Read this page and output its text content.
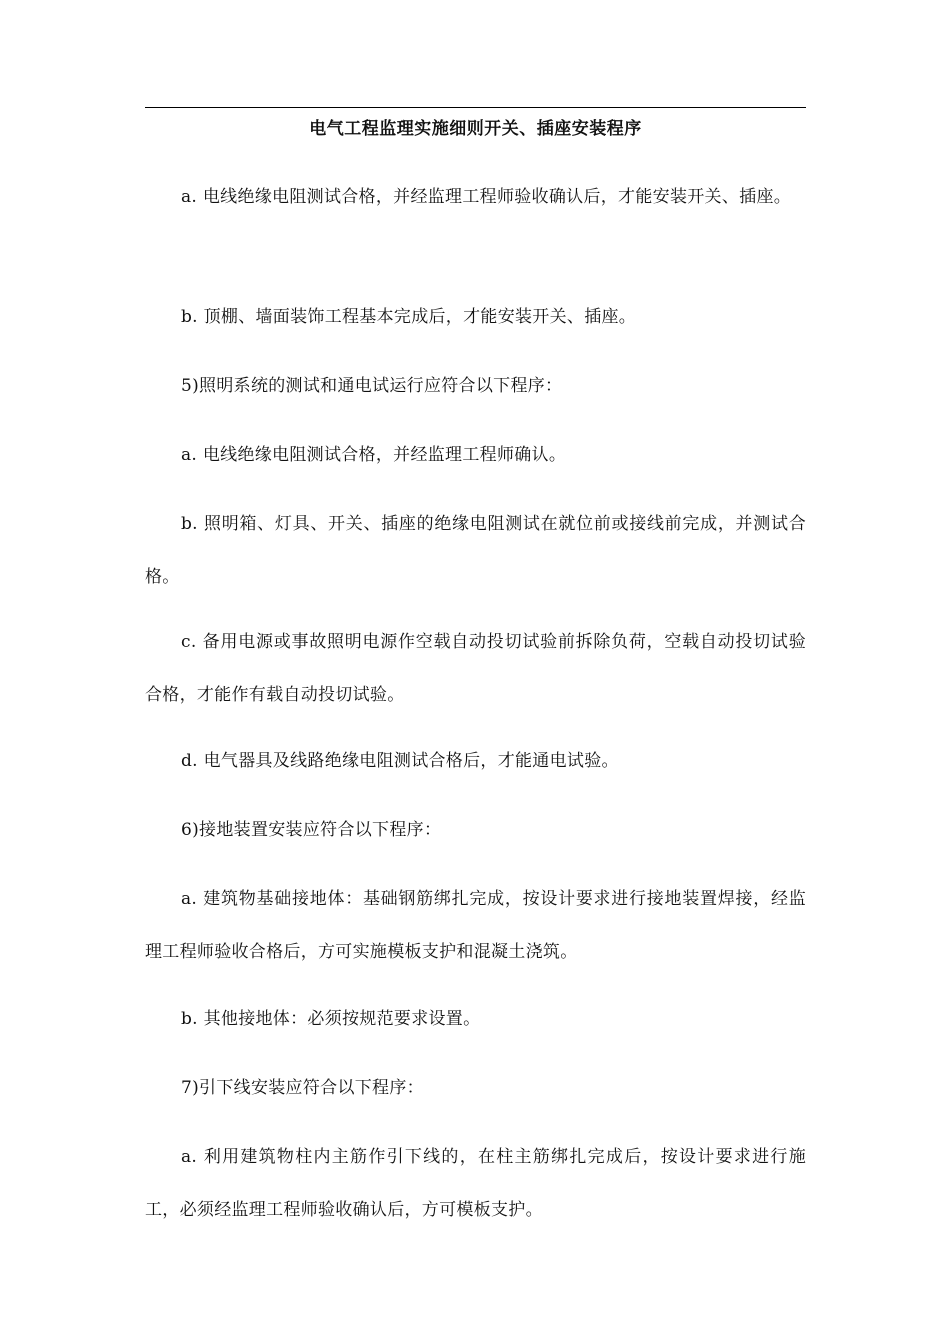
电气工程监理实施细则开关、插座安装程序

a. 电线绝缘电阻测试合格，并经监理工程师验收确认后，才能安装开关、插座。

b. 顶棚、墙面装饰工程基本完成后，才能安装开关、插座。

5)照明系统的测试和通电试运行应符合以下程序：

a. 电线绝缘电阻测试合格，并经监理工程师确认。

b. 照明箱、灯具、开关、插座的绝缘电阻测试在就位前或接线前完成，并测试合格。

c. 备用电源或事故照明电源作空载自动投切试验前拆除负荷，空载自动投切试验合格，才能作有载自动投切试验。

d. 电气器具及线路绝缘电阻测试合格后，才能通电试验。

6)接地装置安装应符合以下程序：

a. 建筑物基础接地体：基础钢筋绑扎完成，按设计要求进行接地装置焊接，经监理工程师验收合格后，方可实施模板支护和混凝土浇筑。

b. 其他接地体：必须按规范要求设置。

7)引下线安装应符合以下程序：

a. 利用建筑物柱内主筋作引下线的，在柱主筋绑扎完成后，按设计要求进行施工，必须经监理工程师验收确认后，方可模板支护。
